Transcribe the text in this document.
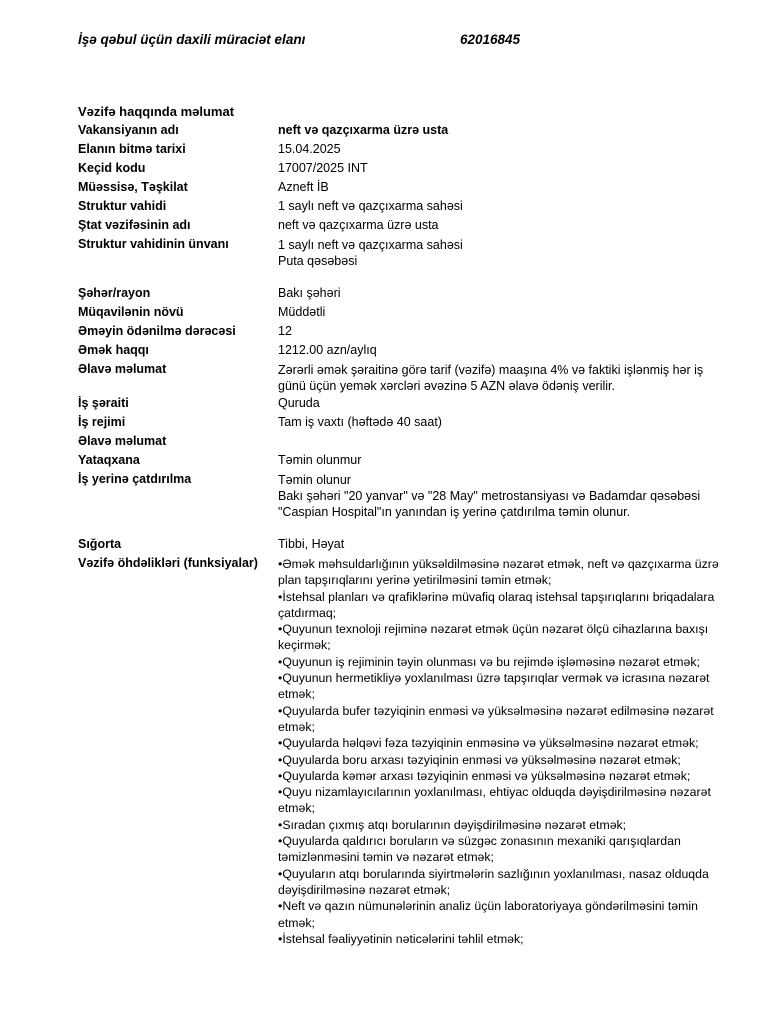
İşə qəbul üçün daxili müraciət elanı	62016845
Vəzifə haqqında məlumat
Vakansiyanın adı	neft və qazçıxarma üzrə usta
Elanın bitmə tarixi	15.04.2025
Keçid kodu	17007/2025 INT
Müəssisə, Təşkilat	Azneft İB
Struktur vahidi	1 saylı neft və qazçıxarma sahəsi
Ştat vəzifəsinin adı	neft və qazçıxarma üzrə usta
Struktur vahidinin ünvanı	1 saylı neft və qazçıxarma sahəsi
Puta qəsəbəsi
Şəhər/rayon	Bakı şəhəri
Müqavilənin növü	Müddətli
Əməyin ödənilmə dərəcəsi	12
Əmək haqqı	1212.00 azn/aylıq
Əlavə məlumat	Zərərli əmək şəraitinə görə tarif (vəzifə) maaşına 4% və faktiki işlənmiş hər iş günü üçün yemək xərcləri əvəzinə 5 AZN əlavə ödəniş verilir.
İş şəraiti	Quruda
İş rejimi	Tam iş vaxtı (həftədə 40 saat)
Əlavə məlumat
Yataqxana	Təmin olunmur
İş yerinə çatdırılma	Təmin olunur
Bakı şəhəri "20 yanvar" və "28 May" metrostansiyası və Badamdar qəsəbəsi "Caspian Hospital"ın yanından iş yerinə çatdırılma təmin olunur.
Sığorta	Tibbi, Həyat
Vəzifə öhdəlikləri (funksiyalar)
•	Əmək məhsuldarlığının yüksəldilməsinə nəzarət etmək, neft və qazçıxarma üzrə plan tapşırıqlarını yerinə yetirilməsini təmin etmək;
• İstehsal planları və qrafiklərinə müvafiq olaraq istehsal tapşırıqlarını briqadalara çatdırmaq;
• Quyunun texnoloji rejiminə nəzarət etmək üçün nəzarət ölçü cihazlarına baxışı keçirmək;
• Quyunun iş rejiminin təyin olunması və bu rejimdə işləməsinə nəzarət etmək;
• Quyunun hermetikliyə yoxlanılması üzrə tapşırıqlar vermək və icrasına nəzarət etmək;
• Quyularda bufer təzyiqinin enməsi və yüksəlməsinə nəzarət edilməsinə nəzarət etmək;
• Quyularda həlqəvi fəza təzyiqinin enməsinə və yüksəlməsinə nəzarət etmək;
• Quyularda boru arxası təzyiqinin enməsi və yüksəlməsinə nəzarət etmək;
• Quyularda kəmər arxası təzyiqinin enməsi və yüksəlməsinə nəzarət etmək;
• Quyu nizamlayıcılarının yoxlanılması, ehtiyac olduqda dəyişdirilməsinə nəzarət etmək;
• Sıradan çıxmış atqı borularının dəyişdirilməsinə nəzarət etmək;
• Quyularda qaldırıcı boruların və süzgəc zonasının mexaniki qarışıqlardan təmizlənməsini təmin və nəzarət etmək;
• Quyuların atqı borularında siyirtmələrin sazlığının yoxlanılması, nasaz olduqda dəyişdirilməsinə nəzarət etmək;
• Neft və qazın nümunələrinin analiz üçün laboratoriyaya göndərilməsini təmin etmək;
• İstehsal fəaliyyətinin nəticələrini təhlil etmək;
